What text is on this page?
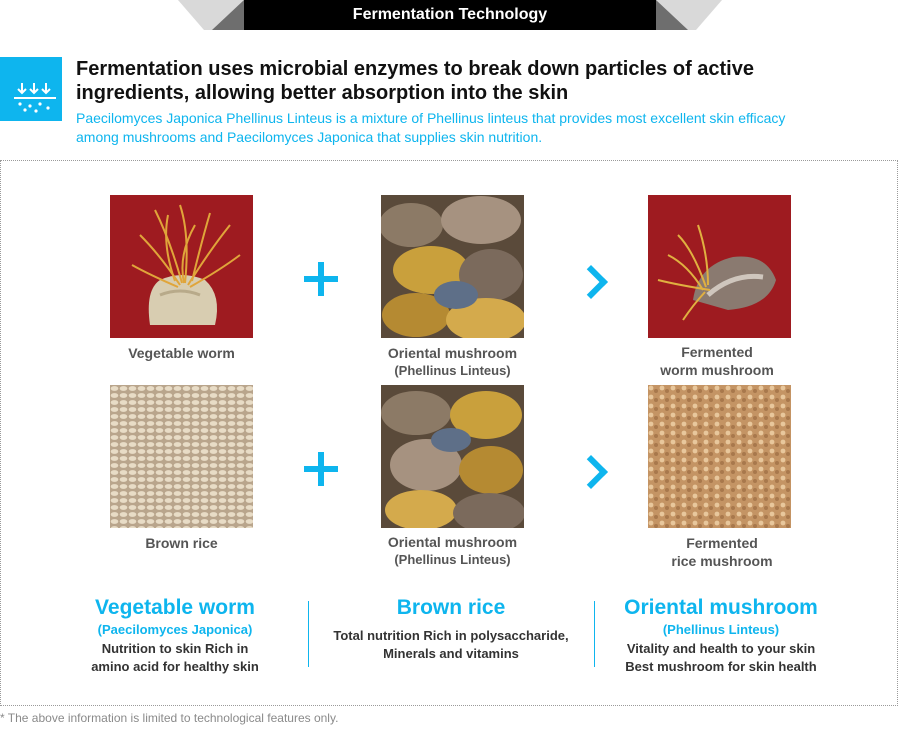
Fermentation Technology
Fermentation uses microbial enzymes to break down particles of active ingredients, allowing better absorption into the skin
Paecilomyces Japonica Phellinus Linteus is a mixture of Phellinus linteus that provides most excellent skin efficacy among mushrooms and Paecilomyces Japonica that supplies skin nutrition.
Vegetable worm	Oriental mushroom
(Phellinus Linteus)
Fermented
worm mushroom
Brown rice	Oriental mushroom
(Phellinus Linteus)
Fermented
rice mushroom
Vegetable worm
(Paecilomyces Japonica)
Nutrition to skin Rich in
amino acid for healthy skin
Brown rice
Total nutrition Rich in polysaccharide,
Minerals and vitamins
Oriental mushroom
(Phellinus Linteus)
Vitality and health to your skin
Best mushroom for skin health
* The above information is limited to technological features only.
